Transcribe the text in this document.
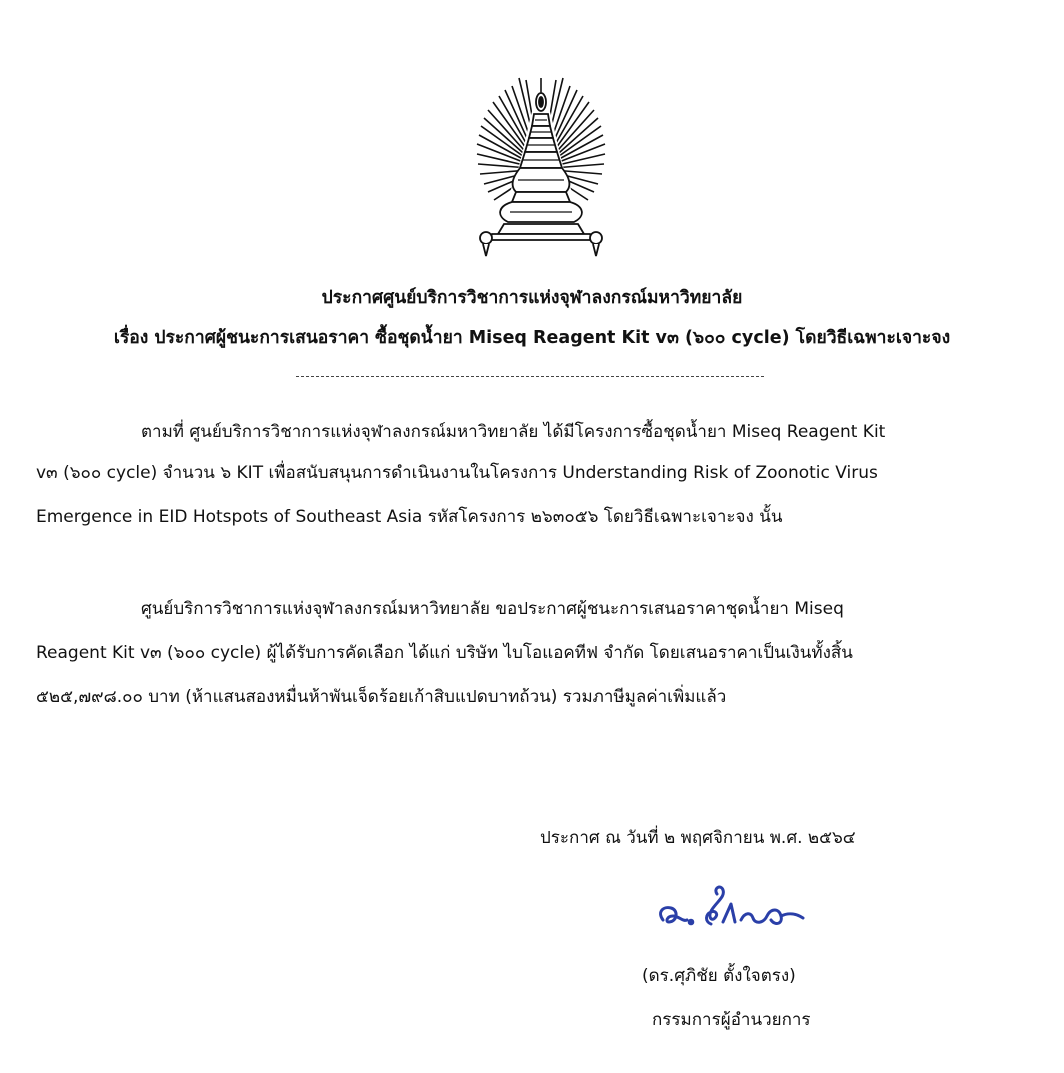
ประกาศศูนย์บริการวิชาการแห่งจุฬาลงกรณ์มหาวิทยาลัย
เรื่อง ประกาศผู้ชนะการเสนอราคา ซื้อชุดน้ำยา Miseq Reagent Kit v๓ (๖๐๐ cycle) โดยวิธีเฉพาะเจาะจง
ตามที่ ศูนย์บริการวิชาการแห่งจุฬาลงกรณ์มหาวิทยาลัย ได้มีโครงการซื้อชุดน้ำยา Miseq Reagent Kit
v๓ (๖๐๐ cycle) จำนวน ๖ KIT เพื่อสนับสนุนการดำเนินงานในโครงการ Understanding Risk of Zoonotic Virus
Emergence in EID Hotspots of Southeast Asia รหัสโครงการ ๒๖๓๐๕๖ โดยวิธีเฉพาะเจาะจง นั้น
ศูนย์บริการวิชาการแห่งจุฬาลงกรณ์มหาวิทยาลัย ขอประกาศผู้ชนะการเสนอราคาชุดน้ำยา Miseq
Reagent Kit v๓ (๖๐๐ cycle) ผู้ได้รับการคัดเลือก ได้แก่ บริษัท ไบโอแอคทีฟ จำกัด โดยเสนอราคาเป็นเงินทั้งสิ้น
๕๒๕,๗๙๘.๐๐ บาท (ห้าแสนสองหมื่นห้าพันเจ็ดร้อยเก้าสิบแปดบาทถ้วน) รวมภาษีมูลค่าเพิ่มแล้ว
ประกาศ ณ วันที่ ๒ พฤศจิกายน พ.ศ. ๒๕๖๔
(ดร.ศุภิชัย ตั้งใจตรง)
กรรมการผู้อำนวยการ
